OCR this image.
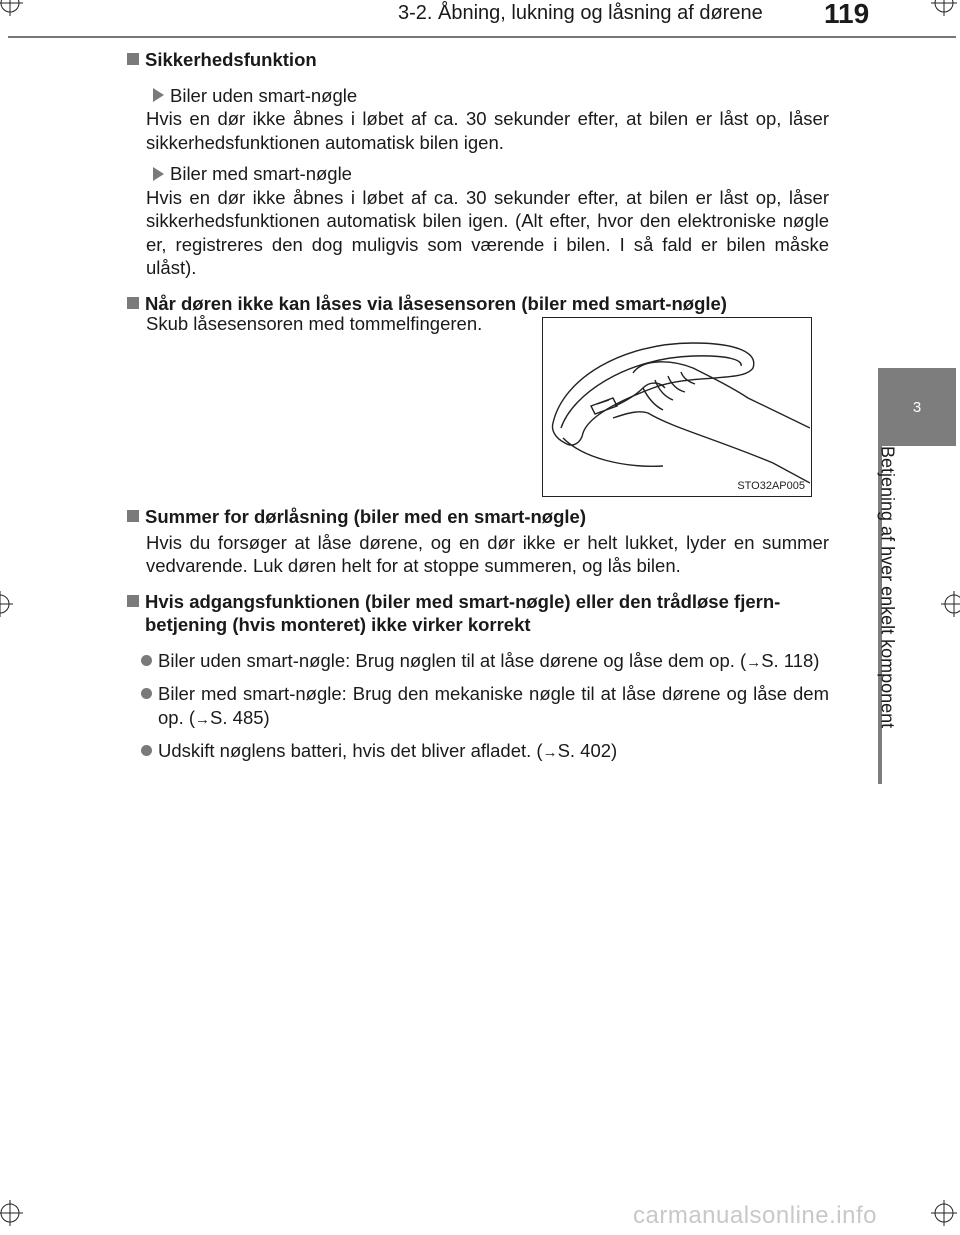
3-2. Åbning, lukning og låsning af dørene 119
3
Betjening af hver enkelt komponent
Sikkerhedsfunktion
Biler uden smart-nøgle
Hvis en dør ikke åbnes i løbet af ca. 30 sekunder efter, at bilen er låst op, låser sikkerhedsfunktionen automatisk bilen igen.
Biler med smart-nøgle
Hvis en dør ikke åbnes i løbet af ca. 30 sekunder efter, at bilen er låst op, låser sikkerhedsfunktionen automatisk bilen igen. (Alt efter, hvor den elektroniske nøgle er, registreres den dog muligvis som værende i bilen. I så fald er bilen måske ulåst).
Når døren ikke kan låses via låsesensoren (biler med smart-nøgle)
Summer for dørlåsning (biler med en smart-nøgle)
Hvis du forsøger at låse dørene, og en dør ikke er helt lukket, lyder en summer vedvarende. Luk døren helt for at stoppe summeren, og lås bilen.
Hvis adgangsfunktionen (biler med smart-nøgle) eller den trådløse fjern-betjening (hvis monteret) ikke virker korrekt
Biler uden smart-nøgle: Brug nøglen til at låse dørene og låse dem op. (→S. 118)
Biler med smart-nøgle: Brug den mekaniske nøgle til at låse dørene og låse dem op. (→S. 485)
Udskift nøglens batteri, hvis det bliver afladet. (→S. 402)
Skub låsesensoren med tommelfingeren.
STO32AP005
carmanualsonline.info
